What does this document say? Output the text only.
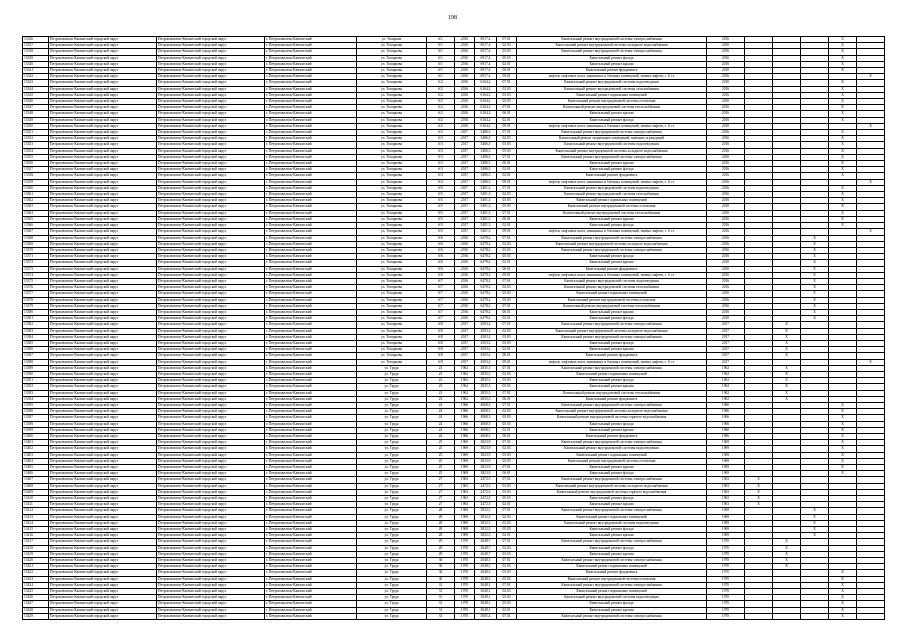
198
13336	Петропавловск-Камчатский городской округ	Петропавловск-Камчатский городской округ	г. Петропавловск-Камчатский	ул. Топорков	6/1	2016	6917,4	07.01	Капитальный ремонт внутридомовой системы электроснабжения	2016				X	
13337	Петропавловск-Камчатский городской округ	Петропавловск-Камчатский городской округ	г. Петропавловск-Камчатский	ул. Топоркова	6/1	2016	6917,4	02.03	Капитальный ремонт внутридомовой системы холодного водоснабжения	2016				X	
13338	Петропавловск-Камчатский городской округ	Петропавловск-Камчатский городской округ	г. Петропавловск-Камчатский	ул. Топоркова	6/1	2016	6917,4	03.03	Капитальный ремонт внутридомовой системы электроснабжения	2016				X	
13339	Петропавловск-Камчатский городской округ	Петропавловск-Камчатский городской округ	г. Петропавловск-Камчатский	ул. Топоркова	6/1	2016	6917,4	05.03	Капитальный ремонт фасада	2016				X	
13340	Петропавловск-Камчатский городской округ	Петропавловск-Камчатский городской округ	г. Петропавловск-Камчатский	ул. Топоркова	6/1	2016	6917,4	02.01	Капитальный ремонт крыши	2016				X	
13341	Петропавловск-Камчатский городской округ	Петропавловск-Камчатский городской округ	г. Петропавловск-Камчатский	ул. Топоркова	6/1	2016	6917,4	06.01	Капитальный ремонт фундамента	2016				X	
13342	Петропавловск-Камчатский городской округ	Петропавловск-Камчатский городской округ	г. Петропавловск-Камчатский	ул. Топоркова	6/1	2016	6917,4	09.01	лифтов, лифтовых шахт, машинных и блочных помещений, замена лифтов, с. 6 ст.	2016					X
13343	Петропавловск-Камчатский городской округ	Петропавловск-Камчатский городской округ	г. Петропавловск-Камчатский	ул. Топоркова	6/2	2016	6164,2	07.01	Капитальный ремонт внутридомовой системы водоотведения	2016				X	
13344	Петропавловск-Камчатский городской округ	Петропавловск-Камчатский городской округ	г. Петропавловск-Камчатский	ул. Топоркова	6/2	2016	6164,2	02.03	Капитальный ремонт внутридомовой системы газоснабжения	2016				X	
13345	Петропавловск-Камчатский городской округ	Петропавловск-Камчатский городской округ	г. Петропавловск-Камчатский	ул. Топоркова	6/2	2016	6164,2	03.03	Капитальный ремонт подвальных помещений	2016				X	
13346	Петропавловск-Камчатский городской округ	Петропавловск-Камчатский городской округ	г. Петропавловск-Камчатский	ул. Топоркова	6/2	2016	6164,2	05.03	Капитальный ремонт внутридомовой системы отопления	2016				X	
13347	Петропавловск-Камчатский городской округ	Петропавловск-Камчатский городской округ	г. Петропавловск-Камчатский	ул. Топоркова	6/2	2016	6164,2	07.01	Капитальный ремонт внутридомовой системы теплоснабжения	2016				X	
13348	Петропавловск-Камчатский городской округ	Петропавловск-Камчатский городской округ	г. Петропавловск-Камчатский	ул. Топоркова	6/2	2016	6164,2	06.01	Капитальный ремонт крыши	2016				X	
13349	Петропавловск-Камчатский городской округ	Петропавловск-Камчатский городской округ	г. Петропавловск-Камчатский	ул. Топоркова	6/2	2016	6164,2	02.01	Капитальный ремонт фасада	2016				X	
13350	Петропавловск-Камчатский городской округ	Петропавловск-Камчатский городской округ	г. Петропавловск-Камчатский	ул. Топоркова	6/2	2016	6164,2	09.01	лифтов, лифтовых шахт, машинных и блочных помещений, замена лифтов, с. 6 ст.	2016					X
13351	Петропавловск-Камчатский городской округ	Петропавловск-Камчатский городской округ	г. Петропавловск-Камчатский	ул. Топоркова	6/3	2017	3486,5	07.01	Капитальный ремонт внутридомовой системы электроснабжения	2016				X	
13352	Петропавловск-Камчатский городской округ	Петропавловск-Камчатский городской округ	г. Петропавловск-Камчатский	ул. Топоркова	6/3	2017	3486,5	02.03	Капитальный ремонт подвальных помещений, внешних ограждений	2016				X	
13353	Петропавловск-Камчатский городской округ	Петропавловск-Камчатский городской округ	г. Петропавловск-Камчатский	ул. Топоркова	6/3	2017	3486,5	03.03	Капитальный ремонт внутридомовой системы водоотведения	2016				X	
13354	Петропавловск-Камчатский городской округ	Петропавловск-Камчатский городской округ	г. Петропавловск-Камчатский	ул. Топоркова	6/3	2017	3486,5	05.03	Капитальный ремонт внутридомовой системы холодного водоснабжения	2016				X	
13355	Петропавловск-Камчатский городской округ	Петропавловск-Камчатский городской округ	г. Петропавловск-Камчатский	ул. Топоркова	6/3	2017	3486,5	07.01	Капитальный ремонт внутридомовой системы электроснабжения	2016				X	
13356	Петропавловск-Камчатский городской округ	Петропавловск-Камчатский городской округ	г. Петропавловск-Камчатский	ул. Топоркова	6/3	2017	3486,5	06.01	Капитальный ремонт крыши	2016				X	
13357	Петропавловск-Камчатский городской округ	Петропавловск-Камчатский городской округ	г. Петропавловск-Камчатский	ул. Топоркова	6/3	2017	3486,5	02.01	Капитальный ремонт фасада	2016				X	
13358	Петропавловск-Камчатский городской округ	Петропавловск-Камчатский городской округ	г. Петропавловск-Камчатский	ул. Топоркова	6/3	2017	3486,5	02.01	Капитальный ремонт фундамента	2016				X	
13359	Петропавловск-Камчатский городской округ	Петропавловск-Камчатский городской округ	г. Петропавловск-Камчатский	ул. Топоркова	6/4	2017	3486,5	09.01	лифтов, лифтовых шахт, машинных и блочных помещений, замена лифтов, с. 6 ст.	2016					X
13360	Петропавловск-Камчатский городской округ	Петропавловск-Камчатский городской округ	г. Петропавловск-Камчатский	ул. Топоркова	6/5	2017	5401,3	07.01	Капитальный ремонт внутридомовой системы водоотведения	2016				X	
13361	Петропавловск-Камчатский городской округ	Петропавловск-Камчатский городской округ	г. Петропавловск-Камчатский	ул. Топоркова	6/5	2017	5401,3	02.03	Капитальный ремонт внутридомовой системы газоснабжения	2016				X	
13362	Петропавловск-Камчатский городской округ	Петропавловск-Камчатский городской округ	г. Петропавловск-Камчатский	ул. Топоркова	6/5	2017	5401,3	03.03	Капитальный ремонт подвальных помещений	2016				X	
13363	Петропавловск-Камчатский городской округ	Петропавловск-Камчатский городской округ	г. Петропавловск-Камчатский	ул. Топоркова	6/5	2017	5401,3	05.03	Капитальный ремонт внутридомовой системы отопления	2016				X	
13364	Петропавловск-Камчатский городской округ	Петропавловск-Камчатский городской округ	г. Петропавловск-Камчатский	ул. Топоркова	6/5	2017	5401,3	07.01	Капитальный ремонт внутридомовой системы теплоснабжения	2016				X	
13365	Петропавловск-Камчатский городской округ	Петропавловск-Камчатский городской округ	г. Петропавловск-Камчатский	ул. Топоркова	6/5	2017	5401,3	06.01	Капитальный ремонт крыши	2016				X	
13366	Петропавловск-Камчатский городской округ	Петропавловск-Камчатский городской округ	г. Петропавловск-Камчатский	ул. Топоркова	6/5	2017	5401,3	02.01	Капитальный ремонт фасада	2016				X	
13367	Петропавловск-Камчатский городской округ	Петропавловск-Камчатский городской округ	г. Петропавловск-Камчатский	ул. Топоркова	6/5	2017	5401,3	09.01	лифтов, лифтовых шахт, машинных и блочных помещений, замена лифтов, с. 6 ст.	2016					X
13368	Петропавловск-Камчатский городской округ	Петропавловск-Камчатский городской округ	г. Петропавловск-Камчатский	ул. Топоркова	6/6	2016	6478,2	07.01	Капитальный ремонт внутридомовой системы электроснабжения	2016			X		
13369	Петропавловск-Камчатский городской округ	Петропавловск-Камчатский городской округ	г. Петропавловск-Камчатский	ул. Топоркова	6/6	2016	6478,2	02.03	Капитальный ремонт внутридомовой системы холодного водоснабжения	2016			X		
13370	Петропавловск-Камчатский городской округ	Петропавловск-Камчатский городской округ	г. Петропавловск-Камчатский	ул. Топоркова	6/6	2016	6478,2	03.03	Капитальный ремонт внутридомовой системы электроснабжения	2016			X		
13371	Петропавловск-Камчатский городской округ	Петропавловск-Камчатский городской округ	г. Петропавловск-Камчатский	ул. Топоркова	6/6	2016	6478,2	05.03	Капитальный ремонт фасада	2016			X		
13372	Петропавловск-Камчатский городской округ	Петропавловск-Камчатский городской округ	г. Петропавловск-Камчатский	ул. Топоркова	6/6	2016	6478,2	02.01	Капитальный ремонт крыши	2016			X		
13373	Петропавловск-Камчатский городской округ	Петропавловск-Камчатский городской округ	г. Петропавловск-Камчатский	ул. Топоркова	6/6	2016	6478,2	06.01	Капитальный ремонт фундамента	2016			X		
13374	Петропавловск-Камчатский городской округ	Петропавловск-Камчатский городской округ	г. Петропавловск-Камчатский	ул. Топоркова	6/6	2016	6478,2	09.01	лифтов, лифтовых шахт, машинных и блочных помещений, замена лифтов, с. 6 ст.	2016			X		
13375	Петропавловск-Камчатский городской округ	Петропавловск-Камчатский городской округ	г. Петропавловск-Камчатский	ул. Топоркова	6/7	2016	6478,2	07.01	Капитальный ремонт внутридомовой системы водоотведения	2016			X		
13376	Петропавловск-Камчатский городской округ	Петропавловск-Камчатский городской округ	г. Петропавловск-Камчатский	ул. Топоркова	6/7	2016	6478,2	02.03	Капитальный ремонт внутридомовой системы газоснабжения	2016			X		
13377	Петропавловск-Камчатский городской округ	Петропавловск-Камчатский городской округ	г. Петропавловск-Камчатский	ул. Топоркова	6/7	2016	6478,2	03.03	Капитальный ремонт подвальных помещений	2016			X		
13378	Петропавловск-Камчатский городской округ	Петропавловск-Камчатский городской округ	г. Петропавловск-Камчатский	ул. Топоркова	6/7	2016	6478,2	05.03	Капитальный ремонт внутридомовой системы отопления	2016			X		
13379	Петропавловск-Камчатский городской округ	Петропавловск-Камчатский городской округ	г. Петропавловск-Камчатский	ул. Топоркова	6/7	2016	6478,2	07.01	Капитальный ремонт внутридомовой системы теплоснабжения	2016			X		
13380	Петропавловск-Камчатский городской округ	Петропавловск-Камчатский городской округ	г. Петропавловск-Камчатский	ул. Топоркова	6/7	2016	6478,2	06.01	Капитальный ремонт крыши	2016			X		
13381	Петропавловск-Камчатский городской округ	Петропавловск-Камчатский городской округ	г. Петропавловск-Камчатский	ул. Топоркова	6/7	2016	6478,2	02.01	Капитальный ремонт фасада	2016			X		
13382	Петропавловск-Камчатский городской округ	Петропавловск-Камчатский городской округ	г. Петропавловск-Камчатский	ул. Топоркова	6/8	2017	4503,2	07.01	Капитальный ремонт внутридомовой системы электроснабжения	2017		X			
13383	Петропавловск-Камчатский городской округ	Петропавловск-Камчатский городской округ	г. Петропавловск-Камчатский	ул. Топоркова	6/8	2017	4503,2	02.03	Капитальный ремонт внутридомовой системы холодного водоснабжения	2017		X			
13384	Петропавловск-Камчатский городской округ	Петропавловск-Камчатский городской округ	г. Петропавловск-Камчатский	ул. Топоркова	6/8	2017	4503,2	03.03	Капитальный ремонт внутридомовой системы электроснабжения	2017		X			
13385	Петропавловск-Камчатский городской округ	Петропавловск-Камчатский городской округ	г. Петропавловск-Камчатский	ул. Топоркова	6/8	2017	4503,2	05.03	Капитальный ремонт фасада	2017		X			
13386	Петропавловск-Камчатский городской округ	Петропавловск-Камчатский городской округ	г. Петропавловск-Камчатский	ул. Топоркова	6/8	2017	4503,2	02.01	Капитальный ремонт крыши	2017		X			
13387	Петропавловск-Камчатский городской округ	Петропавловск-Камчатский городской округ	г. Петропавловск-Камчатский	ул. Топоркова	6/8	2017	4503,2	06.01	Капитальный ремонт фундамента	2017		X			
13388	Петропавловск-Камчатский городской округ	Петропавловск-Камчатский городской округ	г. Петропавловск-Камчатский	ул. Топоркова	6/8	2017	4503,2	09.01	лифтов, лифтовых шахт, машинных и блочных помещений, замена лифтов, с. 6 ст.	2017					X
13389	Петропавловск-Камчатский городской округ	Петропавловск-Камчатский городской округ	г. Петропавловск-Камчатский	ул. Труда	23	1962	2835,5	07.01	Капитальный ремонт внутридомовой системы электроснабжения	1962		X			
13390	Петропавловск-Камчатский городской округ	Петропавловск-Камчатский городской округ	г. Петропавловск-Камчатский	ул. Труда	23	1962	2835,5	02.03	Капитальный ремонт подвальных помещений	1962		X			
13391	Петропавловск-Камчатский городской округ	Петропавловск-Камчатский городской округ	г. Петропавловск-Камчатский	ул. Труда	23	1962	2835,5	03.03	Капитальный ремонт фасада	1962		X			
13392	Петропавловск-Камчатский городской округ	Петропавловск-Камчатский городской округ	г. Петропавловск-Камчатский	ул. Труда	23	1962	2835,5	05.03	Капитальный ремонт крыши	1962		X			
13393	Петропавловск-Камчатский городской округ	Петропавловск-Камчатский городской округ	г. Петропавловск-Камчатский	ул. Труда	23	1962	2835,5	07.01	Капитальный ремонт внутридомовой системы теплоснабжения	1962		X			
13394	Петропавловск-Камчатский городской округ	Петропавловск-Камчатский городской округ	г. Петропавловск-Камчатский	ул. Труда	23	1962	2835,5	06.01	Капитальный ремонт фундамента	1962		X			
13395	Петропавловск-Камчатский городской округ	Петропавловск-Камчатский городской округ	г. Петропавловск-Камчатский	ул. Труда	24	1966	4068,5	07.01	Капитальный ремонт внутридомовой системы электроснабжения	1966				X	
13396	Петропавловск-Камчатский городской округ	Петропавловск-Камчатский городской округ	г. Петропавловск-Камчатский	ул. Труда	24	1966	4068,5	02.03	Капитальный ремонт внутридомовой системы холодного водоснабжения	1966				X	
13397	Петропавловск-Камчатский городской округ	Петропавловск-Камчатский городской округ	г. Петропавловск-Камчатский	ул. Труда	24	1966	4068,5	03.03	Капитальный ремонт внутридомовой системы горячего водоснабжения	1966				X	
13398	Петропавловск-Камчатский городской округ	Петропавловск-Камчатский городской округ	г. Петропавловск-Камчатский	ул. Труда	24	1966	4068,5	05.03	Капитальный ремонт фасада	1966				X	
13399	Петропавловск-Камчатский городской округ	Петропавловск-Камчатский городской округ	г. Петропавловск-Камчатский	ул. Труда	24	1966	4068,5	02.01	Капитальный ремонт крыши	1966				X	
13400	Петропавловск-Камчатский городской округ	Петропавловск-Камчатский городской округ	г. Петропавловск-Камчатский	ул. Труда	24	1966	4068,5	06.01	Капитальный ремонт фундамента	1966				X	
13401	Петропавловск-Камчатский городской округ	Петропавловск-Камчатский городской округ	г. Петропавловск-Камчатский	ул. Труда	25	1969	3823,9	07.01	Капитальный ремонт внутридомовой системы электроснабжения	1969				X	
13402	Петропавловск-Камчатский городской округ	Петропавловск-Камчатский городской округ	г. Петропавловск-Камчатский	ул. Труда	25	1969	3823,9	02.03	Капитальный ремонт внутридомовой системы водоотведения	1969				X	
13403	Петропавловск-Камчатский городской округ	Петропавловск-Камчатский городской округ	г. Петропавловск-Камчатский	ул. Труда	25	1969	3823,9	03.03	Капитальный ремонт подвальных помещений	1969				X	
13404	Петропавловск-Камчатский городской округ	Петропавловск-Камчатский городской округ	г. Петропавловск-Камчатский	ул. Труда	25	1969	3823,9	05.03	Капитальный ремонт внутридомовой системы отопления	1969				X	
13405	Петропавловск-Камчатский городской округ	Петропавловск-Камчатский городской округ	г. Петропавловск-Камчатский	ул. Труда	25	1969	3823,9	07.01	Капитальный ремонт крыши	1969				X	
13406	Петропавловск-Камчатский городской округ	Петропавловск-Камчатский городской округ	г. Петропавловск-Камчатский	ул. Труда	25	1969	3823,9	06.01	Капитальный ремонт фасада	1969				X	
13407	Петропавловск-Камчатский городской округ	Петропавловск-Камчатский городской округ	г. Петропавловск-Камчатский	ул. Труда	27	1963	2472,5	07.01	Капитальный ремонт внутридомовой системы электроснабжения	1963	X				
13408	Петропавловск-Камчатский городской округ	Петропавловск-Камчатский городской округ	г. Петропавловск-Камчатский	ул. Труда	27	1963	2472,5	02.03	Капитальный ремонт внутридомовой системы холодного водоснабжения	1963	X				
13409	Петропавловск-Камчатский городской округ	Петропавловск-Камчатский городской округ	г. Петропавловск-Камчатский	ул. Труда	27	1963	2472,5	03.03	Капитальный ремонт внутридомовой системы горячего водоснабжения	1963	X				
13410	Петропавловск-Камчатский городской округ	Петропавловск-Камчатский городской округ	г. Петропавловск-Камчатский	ул. Труда	27	1963	2472,5	05.03	Капитальный ремонт фасада	1963	X				
13411	Петропавловск-Камчатский городской округ	Петропавловск-Камчатский городской округ	г. Петропавловск-Камчатский	ул. Труда	27	1963	2472,5	02.01	Капитальный ремонт крыши	1963	X				
13412	Петропавловск-Камчатский городской округ	Петропавловск-Камчатский городской округ	г. Петропавловск-Камчатский	ул. Труда	28	1969	3832,5	07.01	Капитальный ремонт внутридомовой системы электроснабжения	1969			X		
13413	Петропавловск-Камчатский городской округ	Петропавловск-Камчатский городской округ	г. Петропавловск-Камчатский	ул. Труда	28	1969	3832,5	02.03	Капитальный ремонт подвальных помещений	1969			X		
13414	Петропавловск-Камчатский городской округ	Петропавловск-Камчатский городской округ	г. Петропавловск-Камчатский	ул. Труда	28	1969	3832,5	03.03	Капитальный ремонт внутридомовой системы водоотведения	1969			X		
13415	Петропавловск-Камчатский городской округ	Петропавловск-Камчатский городской округ	г. Петропавловск-Камчатский	ул. Труда	28	1969	3832,5	05.03	Капитальный ремонт фасада	1969			X		
13416	Петропавловск-Камчатский городской округ	Петропавловск-Камчатский городской округ	г. Петропавловск-Камчатский	ул. Труда	28	1969	3832,5	02.01	Капитальный ремонт крыши	1969			X		
13417	Петропавловск-Камчатский городской округ	Петропавловск-Камчатский городской округ	г. Петропавловск-Камчатский	ул. Труда	29	1970	2648,7	07.01	Капитальный ремонт внутридомовой системы электроснабжения	1970		X			
13418	Петропавловск-Камчатский городской округ	Петропавловск-Камчатский городской округ	г. Петропавловск-Камчатский	ул. Труда	29	1970	2648,7	02.03	Капитальный ремонт фасада	1970		X			
13419	Петропавловск-Камчатский городской округ	Петропавловск-Камчатский городской округ	г. Петропавловск-Камчатский	ул. Труда	29	1970	2648,7	03.03	Капитальный ремонт крыши	1970		X			
13420	Петропавловск-Камчатский городской округ	Петропавловск-Камчатский городской округ	г. Петропавловск-Камчатский	ул. Труда	30	1970	2048,5	07.01	Капитальный ремонт внутридомовой системы электроснабжения	1970		X			
13421	Петропавловск-Камчатский городской округ	Петропавловск-Камчатский городской округ	г. Петропавловск-Камчатский	ул. Труда	30	1970	2048,5	02.03	Капитальный ремонт подвальных помещений	1970		X			
13422	Петропавловск-Камчатский городской округ	Петропавловск-Камчатский городской округ	г. Петропавловск-Камчатский	ул. Труда	30	1970	2048,5	03.03	Капитальный ремонт фундамента	1970				X	
13423	Петропавловск-Камчатский городской округ	Петропавловск-Камчатский городской округ	г. Петропавловск-Камчатский	ул. Труда	30	1970	2048,5	05.03	Капитальный ремонт внутридомовой системы отопления	1970				X	
13424	Петропавловск-Камчатский городской округ	Петропавловск-Камчатский городской округ	г. Петропавловск-Камчатский	ул. Труда	31	1970	3048,1	07.01	Капитальный ремонт внутридомовой системы электроснабжения	1970				X	
13425	Петропавловск-Камчатский городской округ	Петропавловск-Камчатский городской округ	г. Петропавловск-Камчатский	ул. Труда	31	1970	3048,1	02.03	Капитальный ремонт подвальных помещений	1970				X	
13426	Петропавловск-Камчатский городской округ	Петропавловск-Камчатский городской округ	г. Петропавловск-Камчатский	ул. Труда	31	1970	3048,1	03.03	Капитальный ремонт внутридомовой системы водоотведения	1970				X	
13427	Петропавловск-Камчатский городской округ	Петропавловск-Камчатский городской округ	г. Петропавловск-Камчатский	ул. Труда	31	1970	3048,1	05.03	Капитальный ремонт фасада	1970				X	
13428	Петропавловск-Камчатский городской округ	Петропавловск-Камчатский городской округ	г. Петропавловск-Камчатский	ул. Труда	31	1970	3048,1	02.01	Капитальный ремонт крыши	1970				X	
13429	Петропавловск-Камчатский городской округ	Петропавловск-Камчатский городской округ	г. Петропавловск-Камчатский	ул. Труда	33	1970	3605,4	07.01	Капитальный ремонт внутридомовой системы электроснабжения	1970				X	
